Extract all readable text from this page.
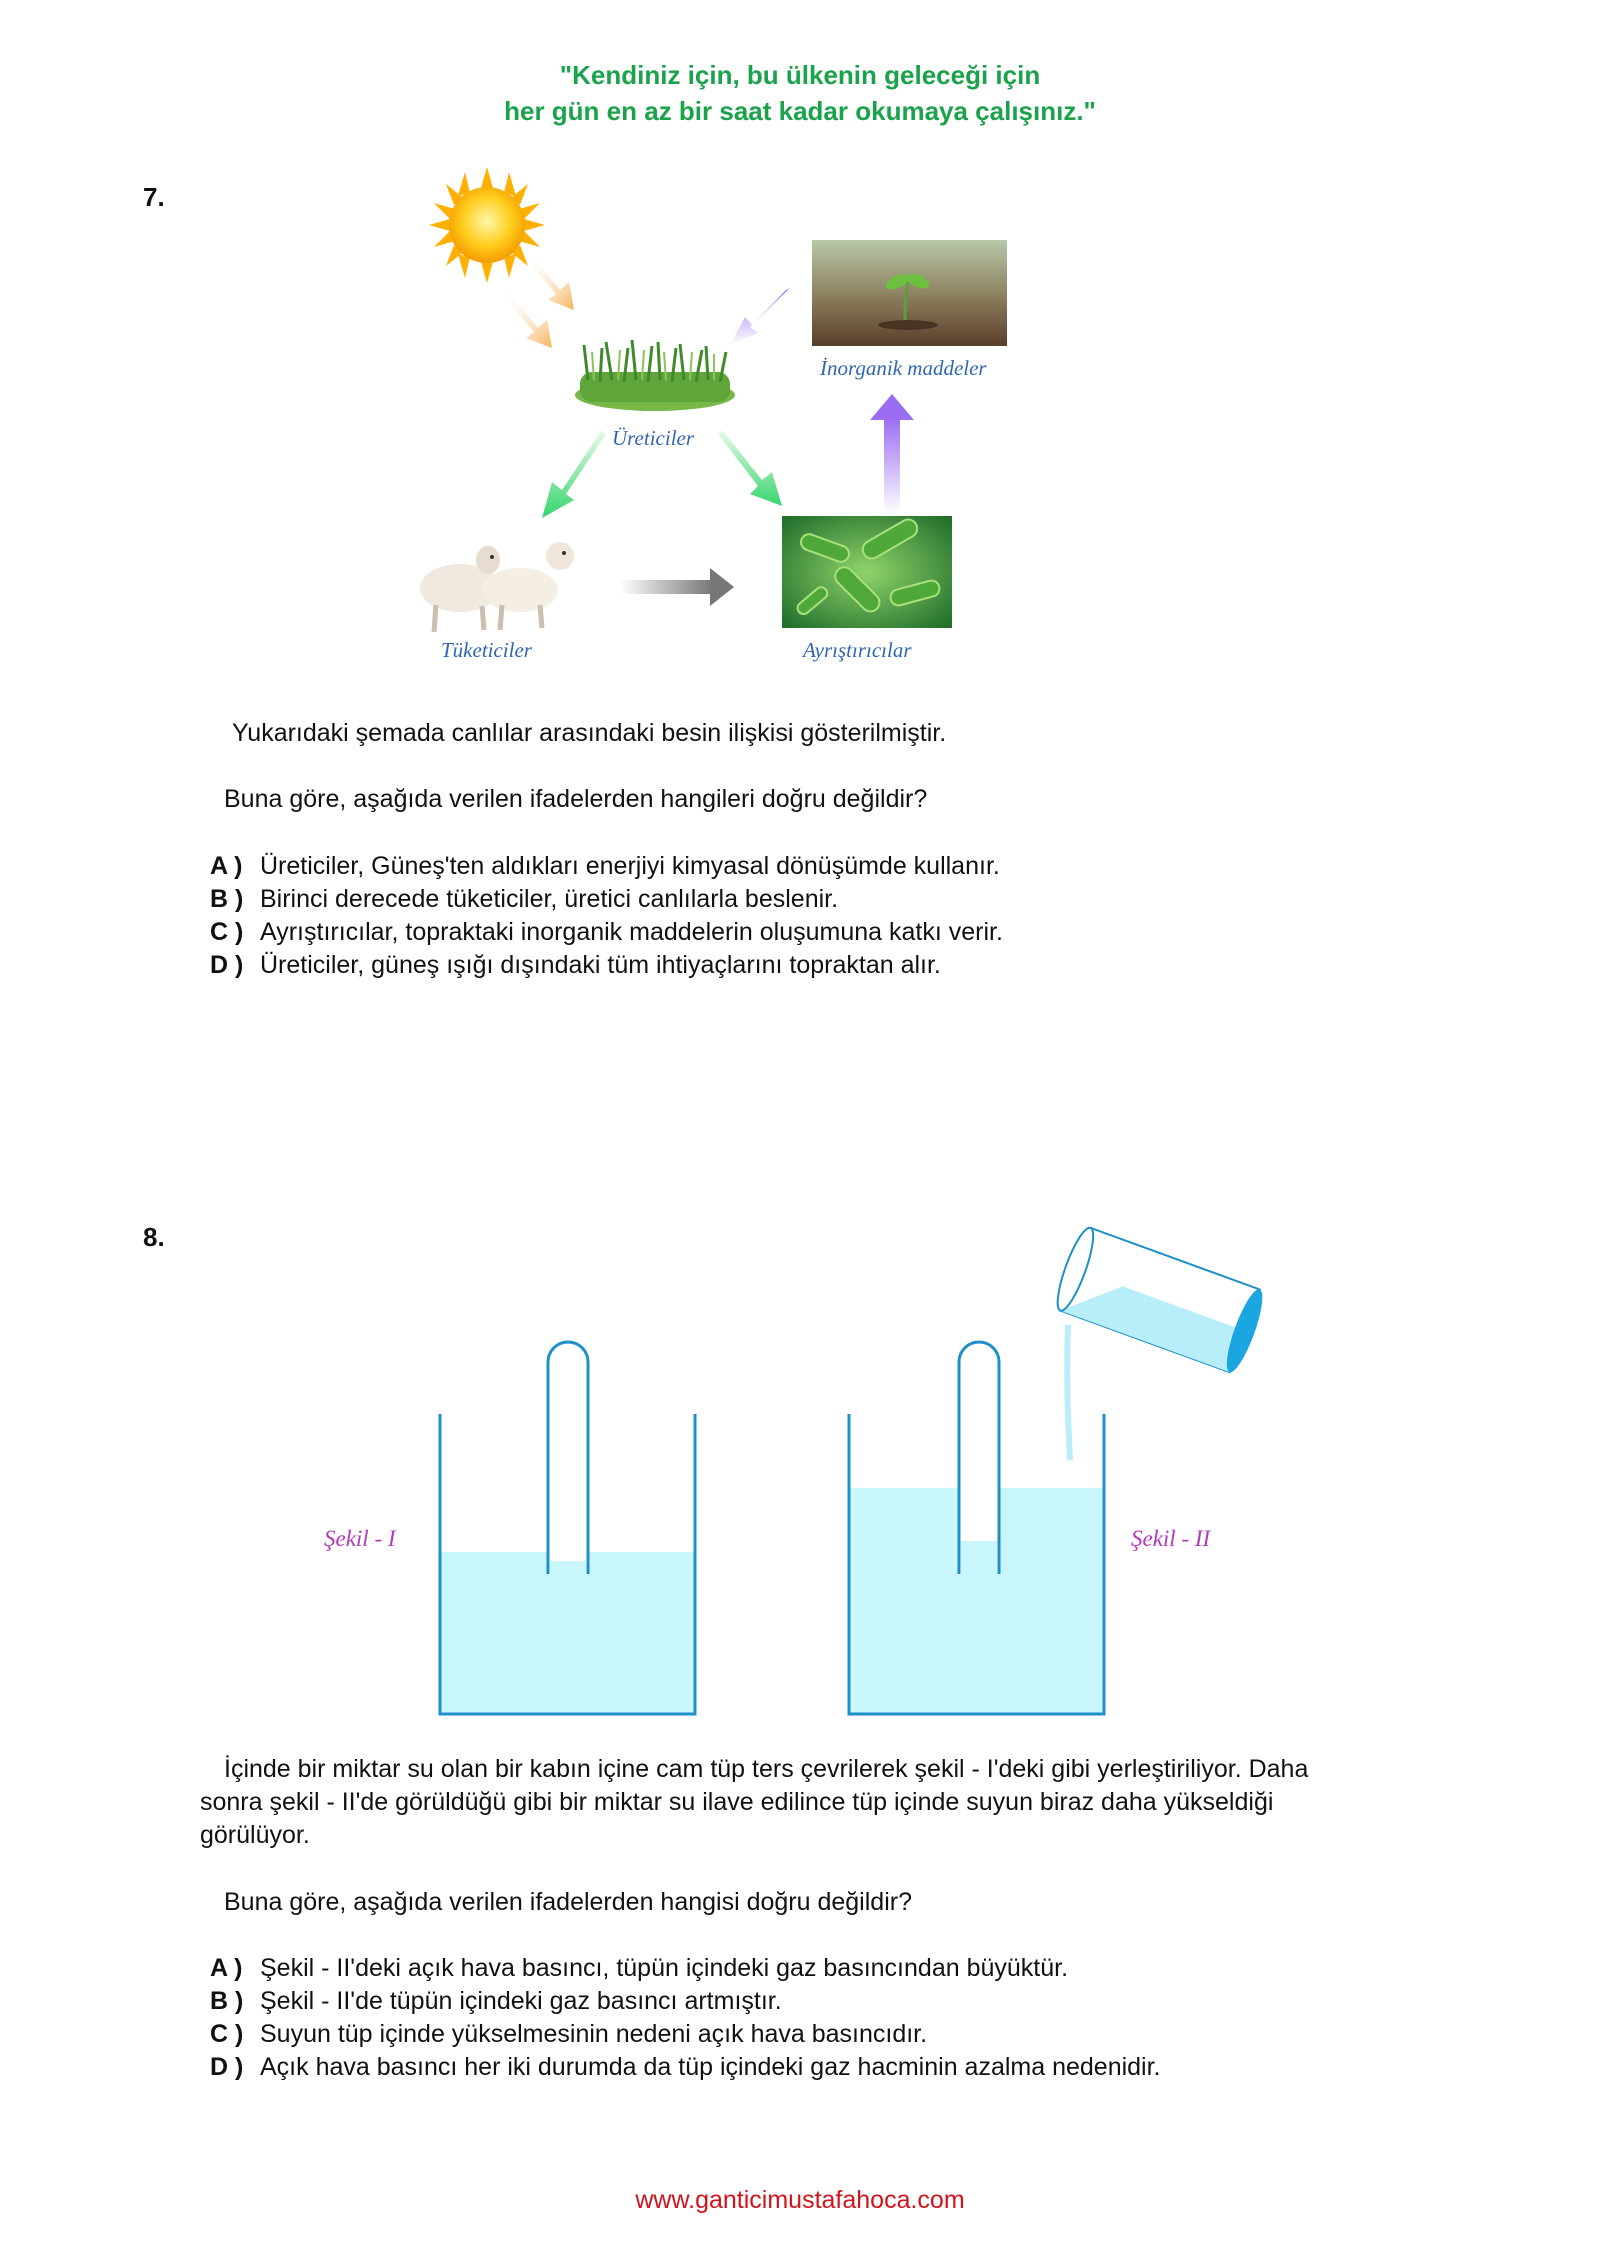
"Kendiniz için, bu ülkenin geleceği için
her gün en az bir saat kadar okumaya çalışınız."
7.
Üreticiler
İnorganik maddeler
Tüketiciler	Ayrıştırıcılar
Yukarıdaki şemada canlılar arasındaki besin ilişkisi gösterilmiştir.
Buna göre, aşağıda verilen ifadelerden hangileri doğru değildir?
A ) Üreticiler, Güneş'ten aldıkları enerjiyi kimyasal dönüşümde kullanır.
B ) Birinci derecede tüketiciler, üretici canlılarla beslenir.
C ) Ayrıştırıcılar, topraktaki inorganik maddelerin oluşumuna katkı verir.
D ) Üreticiler, güneş ışığı dışındaki tüm ihtiyaçlarını topraktan alır.
8.
Şekil - I	Şekil - II
İçinde bir miktar su olan bir kabın içine cam tüp ters çevrilerek şekil - I'deki gibi yerleştiriliyor. Daha
sonra şekil - II'de görüldüğü gibi bir miktar su ilave edilince tüp içinde suyun biraz daha yükseldiği
görülüyor.
Buna göre, aşağıda verilen ifadelerden hangisi doğru değildir?
A ) Şekil - II'deki açık hava basıncı, tüpün içindeki gaz basıncından büyüktür.
B ) Şekil - II'de tüpün içindeki gaz basıncı artmıştır.
C ) Suyun tüp içinde yükselmesinin nedeni açık hava basıncıdır.
D ) Açık hava basıncı her iki durumda da tüp içindeki gaz hacminin azalma nedenidir.
www.ganticimustafahoca.com
